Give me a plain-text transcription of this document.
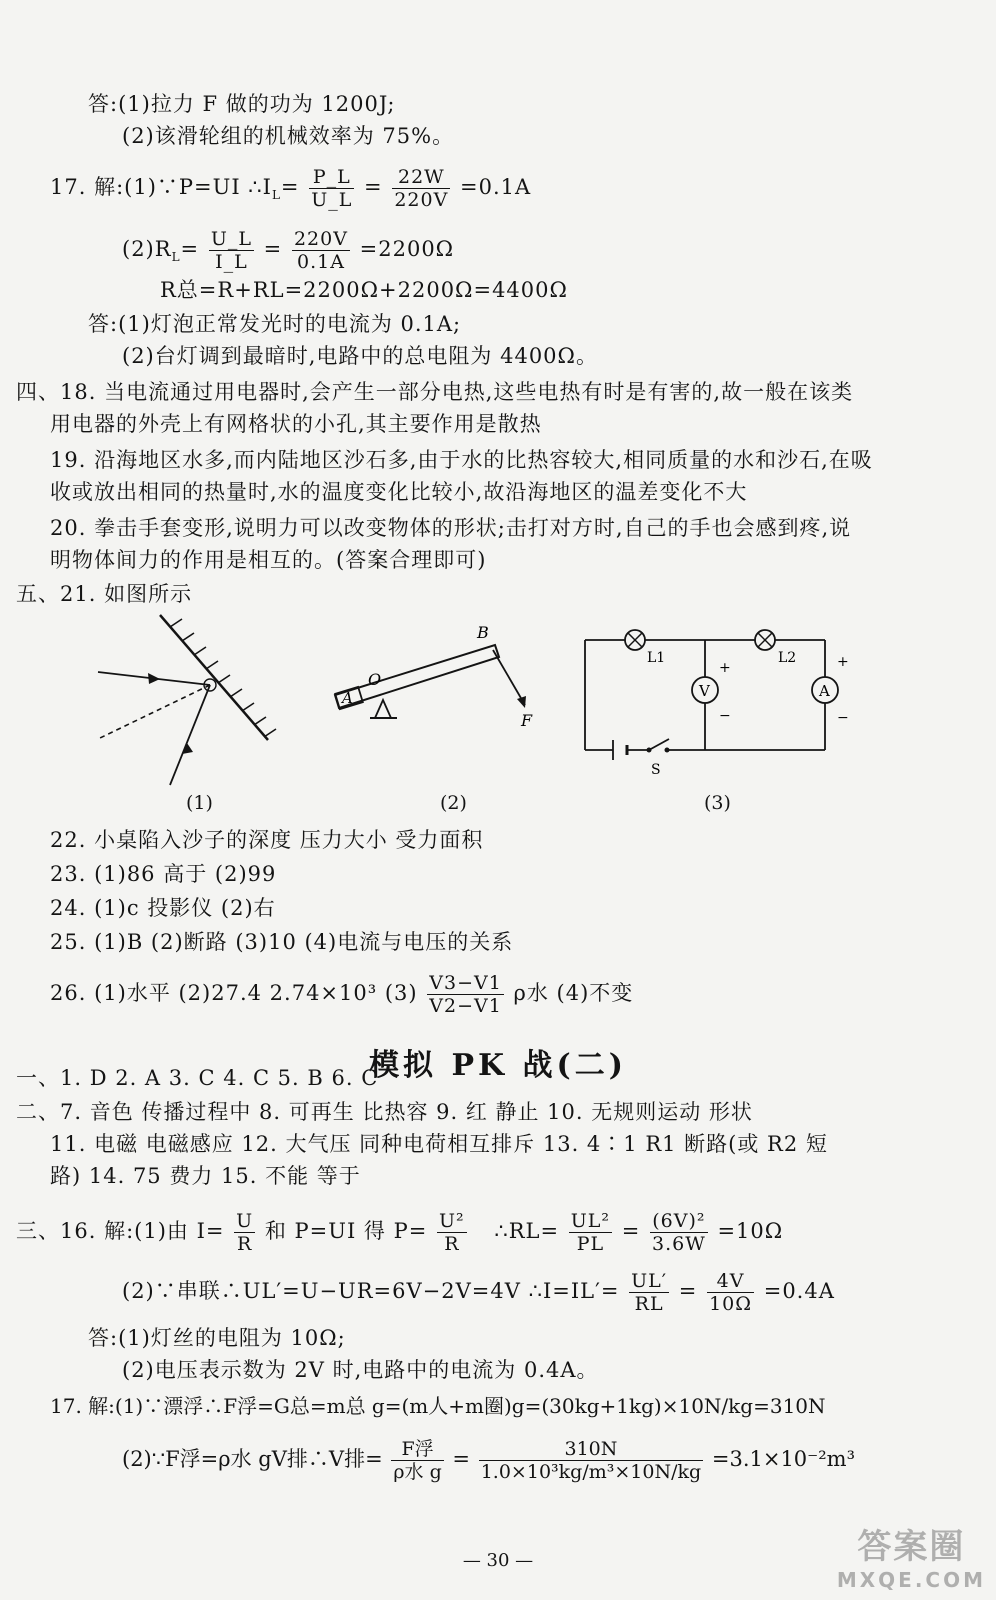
答:(1)拉力 F 做的功为 1200J;
(2)该滑轮组的机械效率为 75%。
17. 解:(1)∵P=UI $\therefore I_L= \frac{P\_L}{U\_L} = \frac{22W}{220V} =0.1A$
$(2)R_L= \frac{U\_L}{I\_L} = \frac{220V}{0.1A} =2200\Omega$
R总=R+RL=2200Ω+2200Ω=4400Ω
答:(1)灯泡正常发光时的电流为 0.1A;
(2)台灯调到最暗时,电路中的总电阻为 4400Ω。
四、18. 当电流通过用电器时,会产生一部分电热,这些电热有时是有害的,故一般在该类
用电器的外壳上有网格状的小孔,其主要作用是散热
19. 沿海地区水多,而内陆地区沙石多,由于水的比热容较大,相同质量的水和沙石,在吸
收或放出相同的热量时,水的温度变化比较小,故沿海地区的温差变化不大
20. 拳击手套变形,说明力可以改变物体的形状;击打对方时,自己的手也会感到疼,说
明物体间力的作用是相互的。(答案合理即可)
五、21. 如图所示
(1)
A
O
B
F
(2)
L1	L2
V
+
−
A
+
−
S
(3)
22. 小桌陷入沙子的深度 压力大小 受力面积
23. (1)86 高于 (2)99
24. (1)c 投影仪 (2)右
25. (1)B (2)断路 (3)10 (4)电流与电压的关系
26. (1)水平 (2)27.4 2.74×10³ $(3) \frac{V3-V1}{V2-V1}$ ρ水 (4)不变
模拟 PK 战(二)
一、1. D 2. A 3. C 4. C 5. B 6. C
二、7. 音色 传播过程中 8. 可再生 比热容 9. 红 静止 10. 无规则运动 形状
11. 电磁 电磁感应 12. 大气压 同种电荷相互排斥 13. 4∶1 R1 断路(或 R2 短
路) 14. 75 费力 15. 不能 等于
三、16. 解:(1)由 $I= \frac{U}{R}$ 和 P=UI 得 $P= \frac{\text{U²}}{R}$ ∴RL= $\frac{\text{UL²}}{PL} = \frac{\text{(6V)²}}{3.6W} =10\Omega$
(2)∵串联∴UL′=U−UR=6V−2V=4V ∴I=IL′= $\frac{UL'}{RL} = \frac{4V}{10\Omega} =0.4A$
答:(1)灯丝的电阻为 10Ω;
(2)电压表示数为 2V 时,电路中的电流为 0.4A。
17. 解:(1)∵漂浮∴F浮=G总=m总 g=(m人+m圈)g=(30kg+1kg)×10N/kg=310N
(2)∵F浮=ρ水 gV排∴V排= $\frac{\text{F浮}}{\text{ρ水 g}} = \frac{310N}{\text{1.0×10³kg/m³×10N/kg}} =3.1\times 10^{-2}m^3$
— 30 —	答案圈
MXQE.COM
